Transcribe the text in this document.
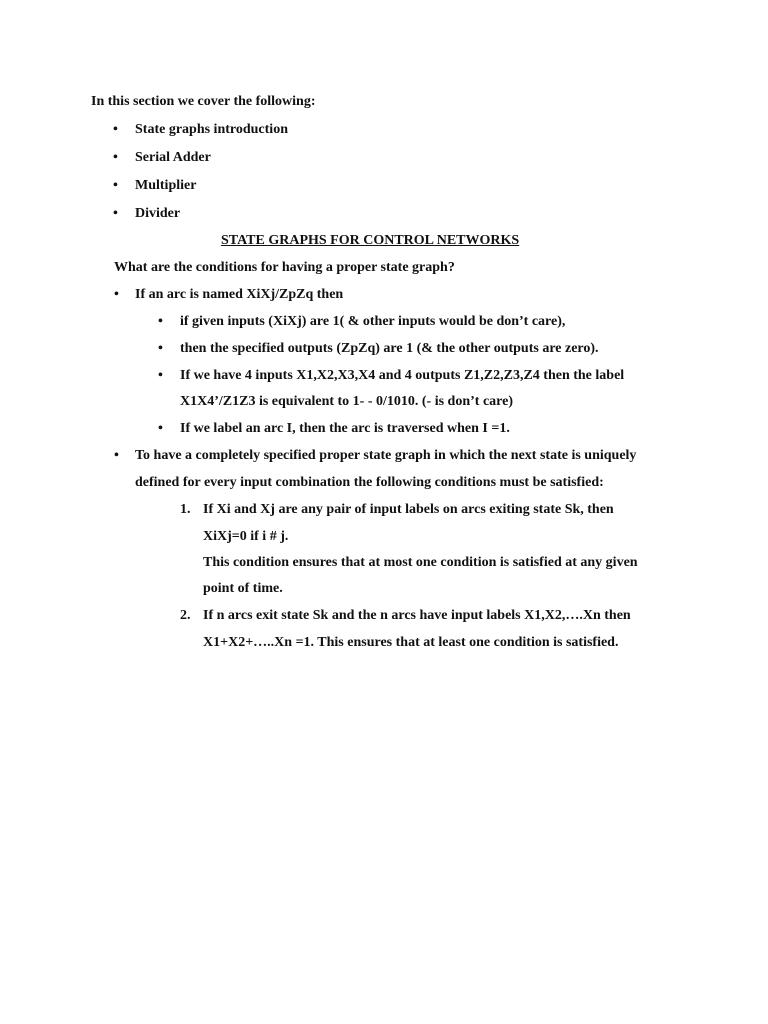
In this section we cover the following:
• State graphs introduction
• Serial Adder
• Multiplier
• Divider
STATE GRAPHS FOR CONTROL NETWORKS
What are the conditions for having a proper state graph?
• If an arc is named XiXj/ZpZq then
• if given inputs (XiXj) are 1( & other inputs would be don’t care),
• then the specified outputs (ZpZq) are 1 (& the other outputs are zero).
• If we have 4 inputs X1,X2,X3,X4 and 4 outputs Z1,Z2,Z3,Z4 then the label
X1X4’/Z1Z3 is equivalent to 1- - 0/1010. (- is don’t care)
• If we label an arc I, then the arc is traversed when I =1.
• To have a completely specified proper state graph in which the next state is uniquely
defined for every input combination the following conditions must be satisfied:
1. If Xi and Xj are any pair of input labels on arcs exiting state Sk, then
XiXj=0 if i # j.
This condition ensures that at most one condition is satisfied at any given
point of time.
2. If n arcs exit state Sk and the n arcs have input labels X1,X2,….Xn then
X1+X2+…..Xn =1. This ensures that at least one condition is satisfied.
